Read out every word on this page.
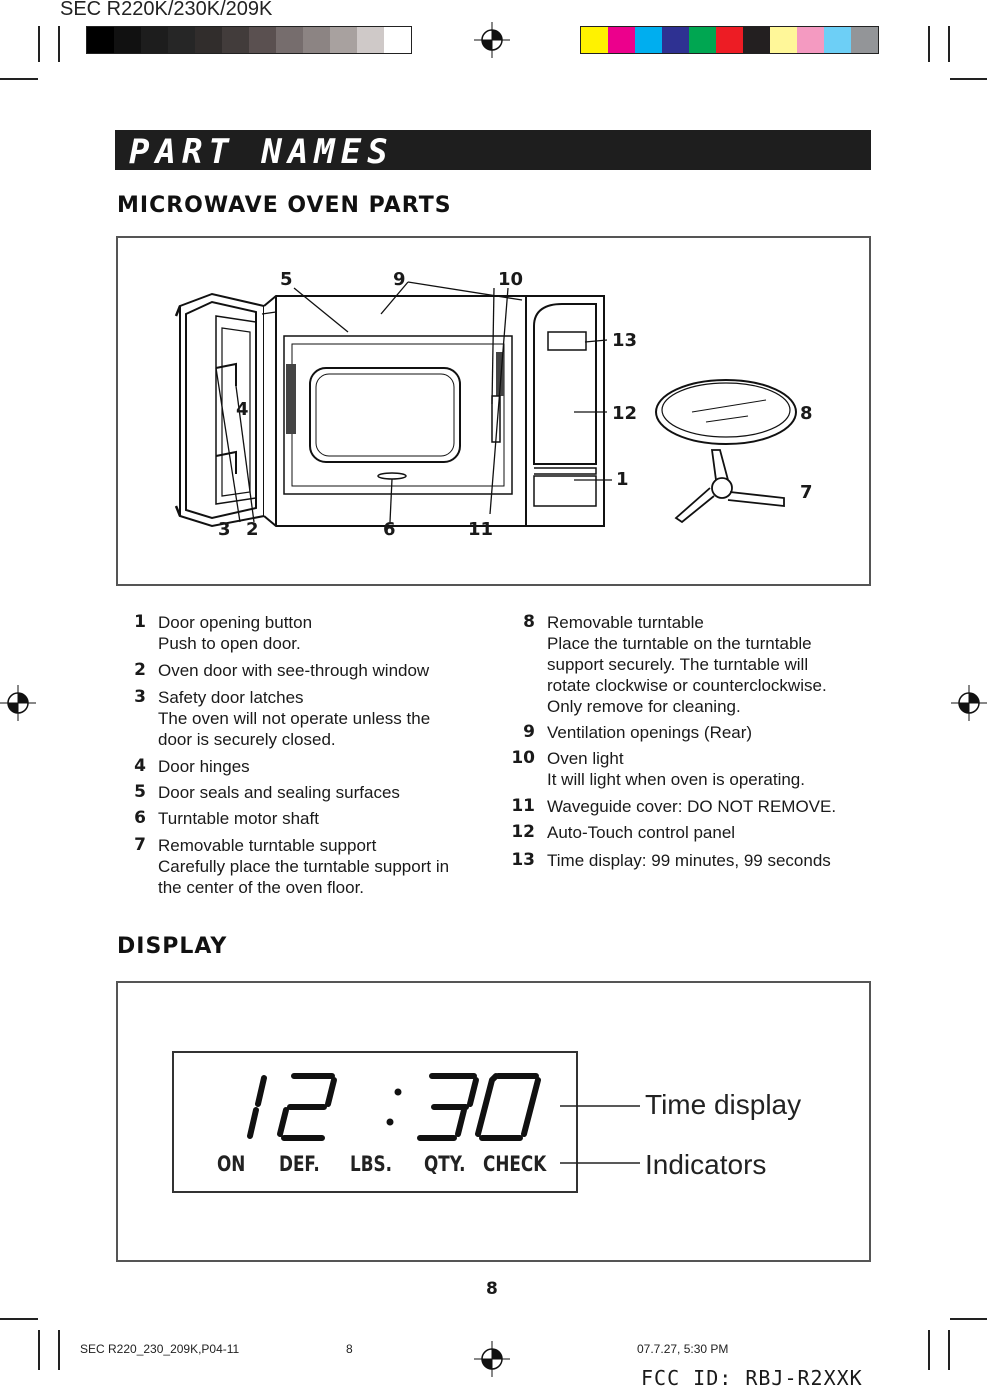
SEC R220K/230K/209K
PART NAMES
MICROWAVE OVEN PARTS
5	9	10
13
4	12	8
1
7
3 2	6	11
1 Door opening button
Push to open door.
2 Oven door with see-through window
3 Safety door latches
The oven will not operate unless the
door is securely closed.
4 Door hinges
5 Door seals and sealing surfaces
6 Turntable motor shaft
7 Removable turntable support
Carefully place the turntable support in
the center of the oven floor.
8 Removable turntable
Place the turntable on the turntable
support securely. The turntable will
rotate clockwise or counterclockwise.
Only remove for cleaning.
9 Ventilation openings (Rear)
10 Oven light
It will light when oven is operating.
11 Waveguide cover: DO NOT REMOVE.
12 Auto-Touch control panel
13 Time display: 99 minutes, 99 seconds
DISPLAY
ON DEF. LBS. QTY. CHECK
Time display
Indicators
8
SEC R220_230_209K,P04-11	8	07.7.27, 5:30 PM
FCC ID: RBJ-R2XXK
